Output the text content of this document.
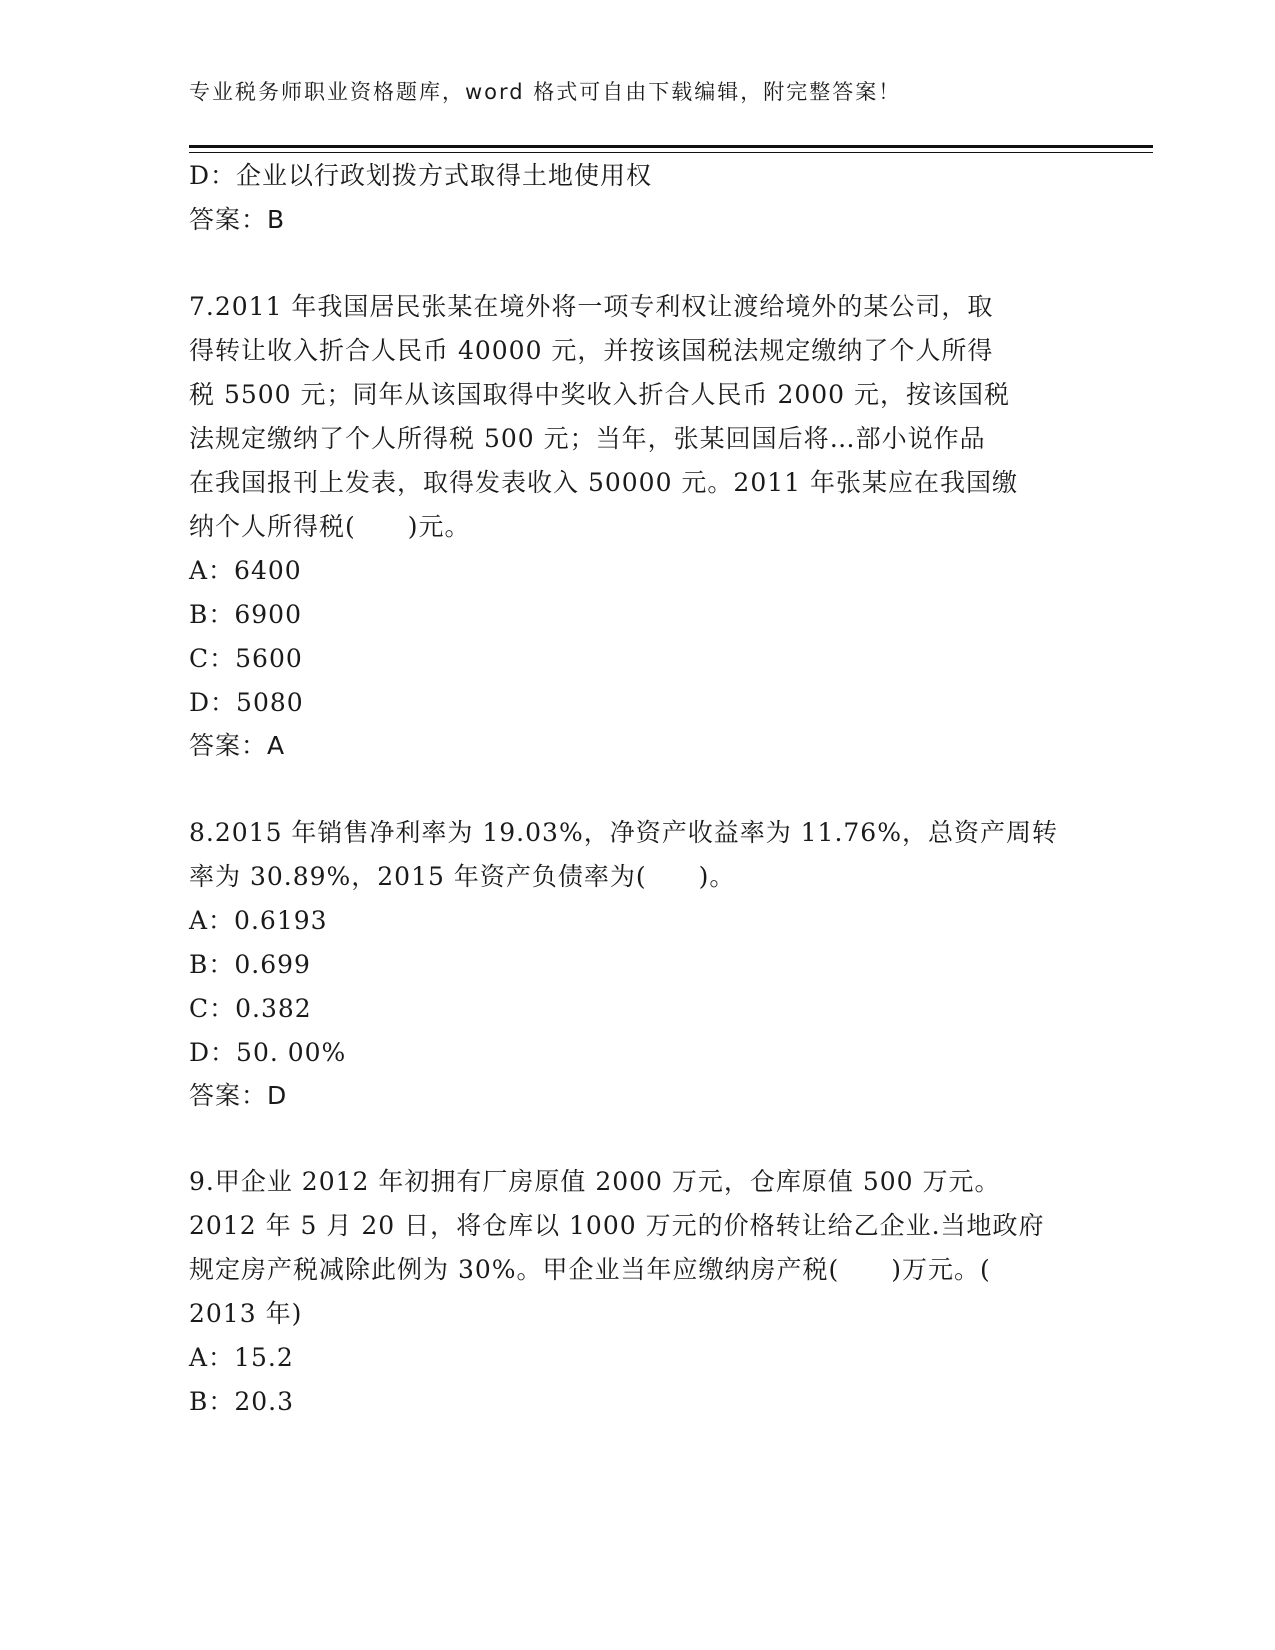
专业税务师职业资格题库，word 格式可自由下载编辑，附完整答案！
D：企业以行政划拨方式取得土地使用权
答案：B
7.2011 年我国居民张某在境外将一项专利权让渡给境外的某公司，取
得转让收入折合人民币 40000 元，并按该国税法规定缴纳了个人所得
税 5500 元；同年从该国取得中奖收入折合人民币 2000 元，按该国税
法规定缴纳了个人所得税 500 元；当年，张某回国后将…部小说作品
在我国报刊上发表，取得发表收入 50000 元。2011 年张某应在我国缴
纳个人所得税(　　)元。
A：6400
B：6900
C：5600
D：5080
答案：A
8.2015 年销售净利率为 19.03%，净资产收益率为 11.76%，总资产周转
率为 30.89%，2015 年资产负债率为(　　)。
A：0.6193
B：0.699
C：0.382
D：50. 00%
答案：D
9.甲企业 2012 年初拥有厂房原值 2000 万元，仓库原值 500 万元。
2012 年 5 月 20 日，将仓库以 1000 万元的价格转让给乙企业.当地政府
规定房产税减除此例为 30%。甲企业当年应缴纳房产税(　　)万元。(
2013 年)
A：15.2
B：20.3
